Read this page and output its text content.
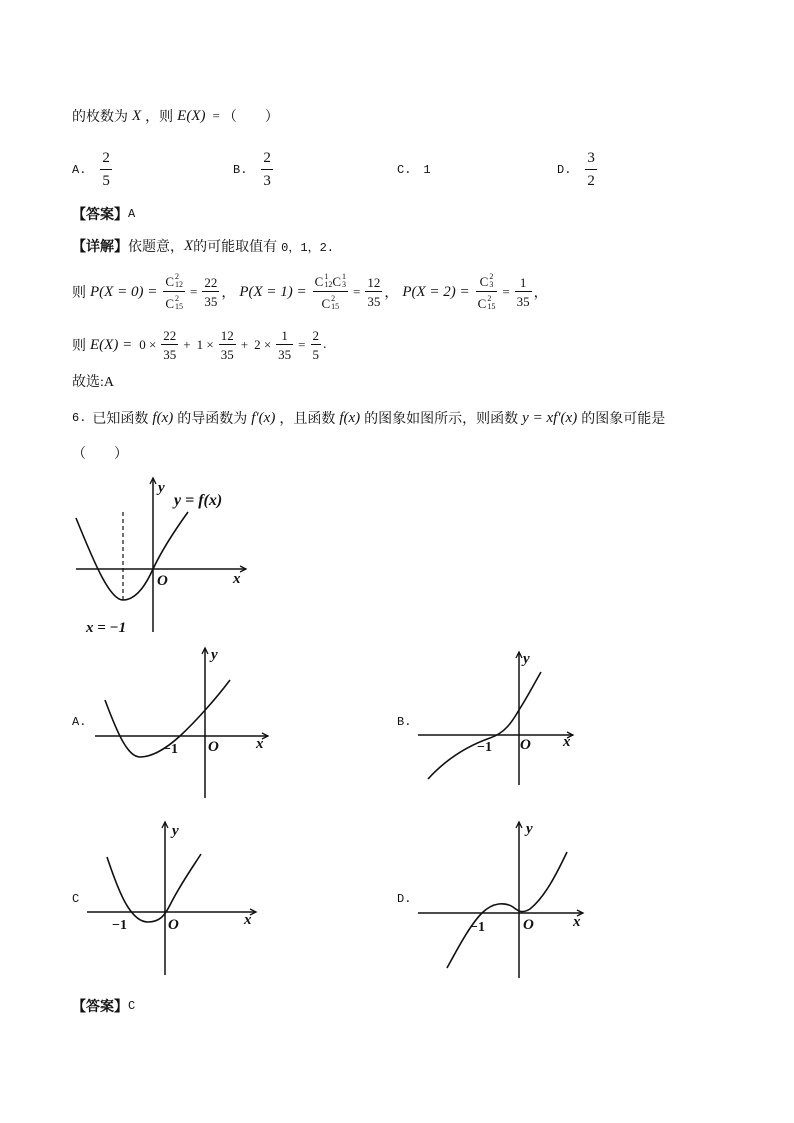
的枚数为 X ，则 E(X) = （　　）
A. $\frac{2}{5}$	B. $\frac{2}{3}$	C. 1	D. $\frac{3}{2}$
【答案】 A
【详解】 依题意， X 的可能取值有 0，1，2.
则 P(X = 0) = C 2
12
C 2
$15 = \frac{22}{35}$ ， P(X = 1) =
C 1
12 C 1
3
C 2
15
= $\frac{12}{35}$ ， P(X = 2) = C 2
3
C 2
$15 = \frac{1}{35}$ ，
则 $E(X) = 0 \times \frac{22}{35} + 1 \times \frac{12}{35} + 2 \times \frac{1}{35} = \frac{2}{5}$ .
故选:A
6. 已知函数 f(x) 的导函数为 f′(x) ，且函数 f(x) 的图象如图所示，则函数 y = xf′(x) 的图象可能是
（　　）
y
y = f(x)
O	x
x = −1
A.
y
x
O
−1
B.
y
x
O
−1
C
y
x
O
−1
D.
y
x
O
−1
【答案】 C
